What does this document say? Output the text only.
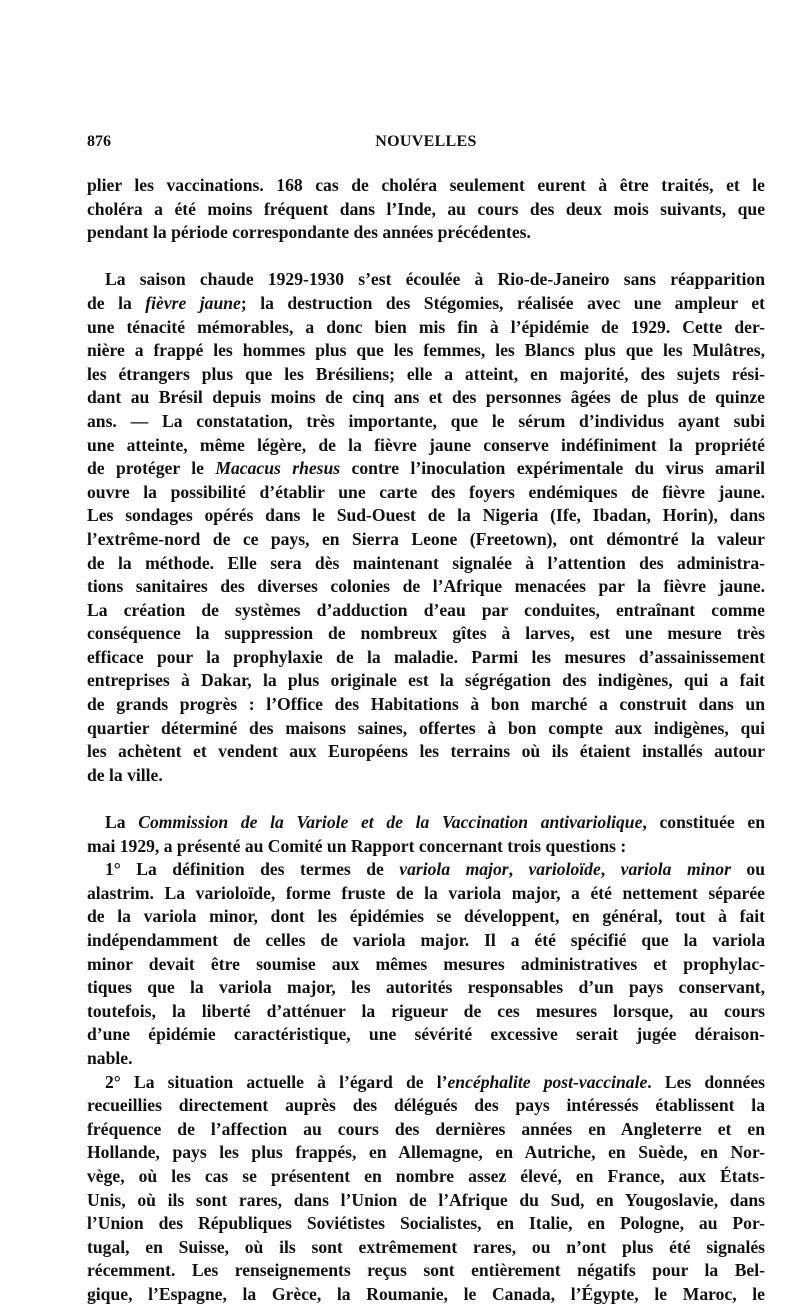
876	NOUVELLES
plier les vaccinations. 168 cas de choléra seulement eurent à être traités, et le
choléra a été moins fréquent dans l’Inde, au cours des deux mois suivants, que
pendant la période correspondante des années précédentes.
La saison chaude 1929-1930 s’est écoulée à Rio-de-Janeiro sans réapparition
de la fièvre jaune; la destruction des Stégomies, réalisée avec une ampleur et
une ténacité mémorables, a donc bien mis fin à l’épidémie de 1929. Cette der-
nière a frappé les hommes plus que les femmes, les Blancs plus que les Mulâtres,
les étrangers plus que les Brésiliens; elle a atteint, en majorité, des sujets rési-
dant au Brésil depuis moins de cinq ans et des personnes âgées de plus de quinze
ans. — La constatation, très importante, que le sérum d’individus ayant subi
une atteinte, même légère, de la fièvre jaune conserve indéfiniment la propriété
de protéger le Macacus rhesus contre l’inoculation expérimentale du virus amaril
ouvre la possibilité d’établir une carte des foyers endémiques de fièvre jaune.
Les sondages opérés dans le Sud-Ouest de la Nigeria (Ife, Ibadan, Horin), dans
l’extrême-nord de ce pays, en Sierra Leone (Freetown), ont démontré la valeur
de la méthode. Elle sera dès maintenant signalée à l’attention des administra-
tions sanitaires des diverses colonies de l’Afrique menacées par la fièvre jaune.
La création de systèmes d’adduction d’eau par conduites, entraînant comme
conséquence la suppression de nombreux gîtes à larves, est une mesure très
efficace pour la prophylaxie de la maladie. Parmi les mesures d’assainissement
entreprises à Dakar, la plus originale est la ségrégation des indigènes, qui a fait
de grands progrès : l’Office des Habitations à bon marché a construit dans un
quartier déterminé des maisons saines, offertes à bon compte aux indigènes, qui
les achètent et vendent aux Européens les terrains où ils étaient installés autour
de la ville.
La Commission de la Variole et de la Vaccination antivariolique, constituée en
mai 1929, a présenté au Comité un Rapport concernant trois questions :
1° La définition des termes de variola major, varioloïde, variola minor ou
alastrim. La varioloïde, forme fruste de la variola major, a été nettement séparée
de la variola minor, dont les épidémies se développent, en général, tout à fait
indépendamment de celles de variola major. Il a été spécifié que la variola
minor devait être soumise aux mêmes mesures administratives et prophylac-
tiques que la variola major, les autorités responsables d’un pays conservant,
toutefois, la liberté d’atténuer la rigueur de ces mesures lorsque, au cours
d’une épidémie caractéristique, une sévérité excessive serait jugée déraison-
nable.
2° La situation actuelle à l’égard de l’encéphalite post-vaccinale. Les données
recueillies directement auprès des délégués des pays intéressés établissent la
fréquence de l’affection au cours des dernières années en Angleterre et en
Hollande, pays les plus frappés, en Allemagne, en Autriche, en Suède, en Nor-
vège, où les cas se présentent en nombre assez élevé, en France, aux États-
Unis, où ils sont rares, dans l’Union de l’Afrique du Sud, en Yougoslavie, dans
l’Union des Républiques Soviétistes Socialistes, en Italie, en Pologne, au Por-
tugal, en Suisse, où ils sont extrêmement rares, ou n’ont plus été signalés
récemment. Les renseignements reçus sont entièrement négatifs pour la Bel-
gique, l’Espagne, la Grèce, la Roumanie, le Canada, l’Égypte, le Maroc, le
